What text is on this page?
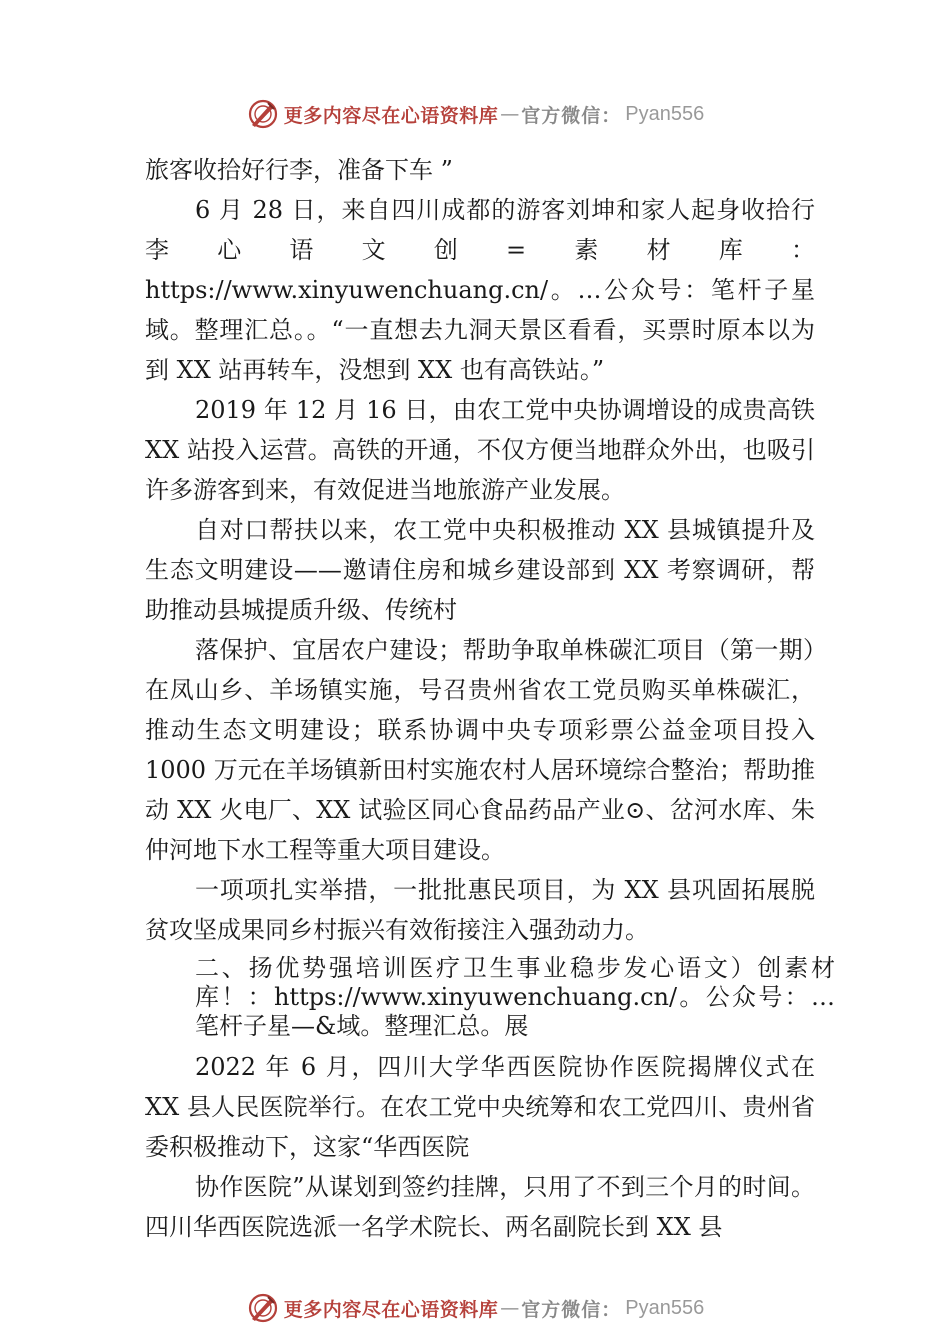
更多内容尽在心语资料库 — 官方微信： Pyan556

旅客收拾好行李，准备下车 ”

6 月 28 日，来自四川成都的游客刘坤和家人起身收拾行李心语文创=素材库：https://www.xinyuwenchuang.cn/。…公众号：笔杆子星域。整理汇总。。“一直想去九洞天景区看看，买票时原本以为到 XX 站再转车，没想到 XX 也有高铁站。”

2019 年 12 月 16 日，由农工党中央协调增设的成贵高铁 XX 站投入运营。高铁的开通，不仅方便当地群众外出，也吸引许多游客到来，有效促进当地旅游产业发展。

自对口帮扶以来，农工党中央积极推动 XX 县城镇提升及生态文明建设——邀请住房和城乡建设部到 XX 考察调研，帮助推动县城提质升级、传统村

落保护、宜居农户建设；帮助争取单株碳汇项目（第一期）在凤山乡、羊场镇实施，号召贵州省农工党员购买单株碳汇，推动生态文明建设；联系协调中央专项彩票公益金项目投入 1000 万元在羊场镇新田村实施农村人居环境综合整治；帮助推动 XX 火电厂、XX 试验区同心食品药品产业⊙、岔河水库、朱仲河地下水工程等重大项目建设。

一项项扎实举措，一批批惠民项目，为 XX 县巩固拓展脱贫攻坚成果同乡村振兴有效衔接注入强劲动力。

二、扬优势强培训医疗卫生事业稳步发心语文）创素材库！：https://www.xinyuwenchuang.cn/。公众号：…笔杆子星—&域。整理汇总。展

2022 年 6 月，四川大学华西医院协作医院揭牌仪式在 XX 县人民医院举行。在农工党中央统筹和农工党四川、贵州省委积极推动下，这家“华西医院

协作医院”从谋划到签约挂牌，只用了不到三个月的时间。四川华西医院选派一名学术院长、两名副院长到 XX 县

更多内容尽在心语资料库 — 官方微信： Pyan556
